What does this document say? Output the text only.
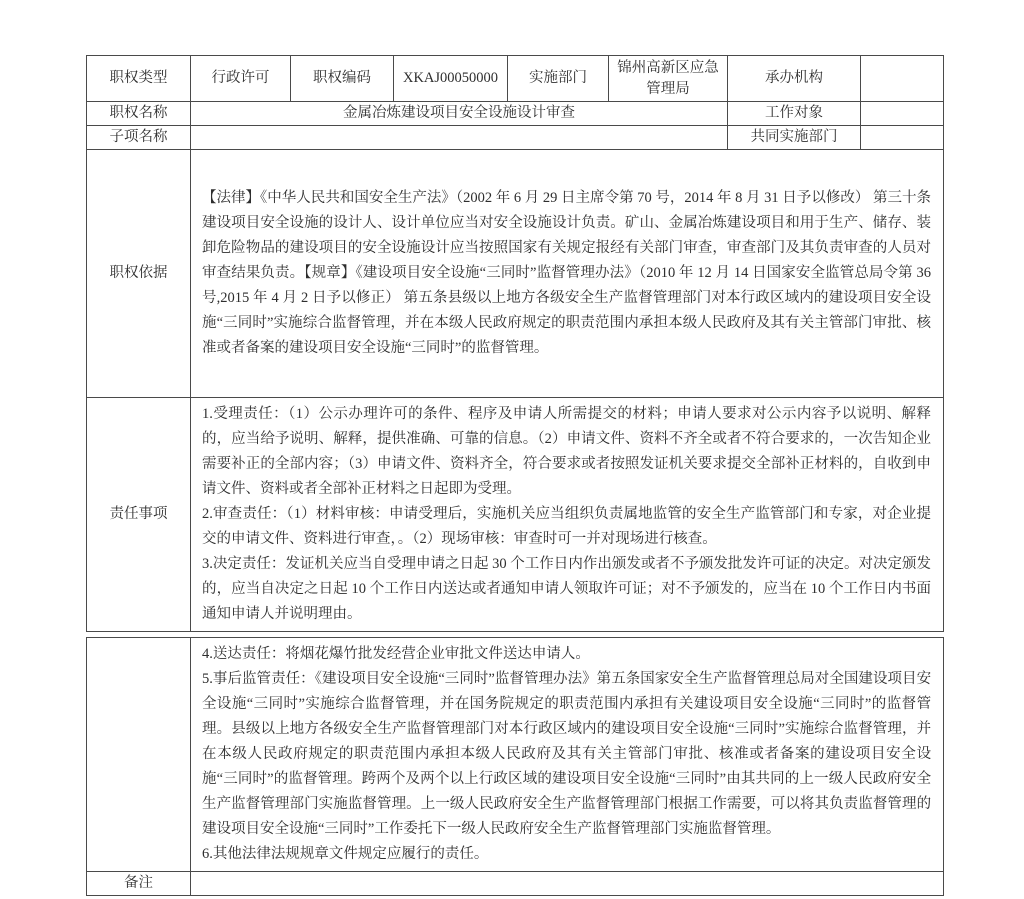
职权类型	行政许可	职权编码	XKAJ00050000	实施部门	锦州高新区应急管理局	承办机构	
职权名称	金属冶炼建设项目安全设施设计审查					工作对象	
子项名称						共同实施部门	
职权依据	【法律】《中华人民共和国安全生产法》（2002 年 6 月 29 日主席令第 70 号，2014 年 8 月 31 日予以修改） 第三十条建设项目安全设施的设计人、设计单位应当对安全设施设计负责。矿山、金属冶炼建设项目和用于生产、储存、装卸危险物品的建设项目的安全设施设计应当按照国家有关规定报经有关部门审查，审查部门及其负责审查的人员对审查结果负责。【规章】《建设项目安全设施“三同时”监督管理办法》（2010 年 12 月 14 日国家安全监管总局令第 36 号,2015 年 4 月 2 日予以修正） 第五条县级以上地方各级安全生产监督管理部门对本行政区域内的建设项目安全设施“三同时”实施综合监督管理，并在本级人民政府规定的职责范围内承担本级人民政府及其有关主管部门审批、核准或者备案的建设项目安全设施“三同时”的监督管理。						
责任事项	1.受理责任：（1）公示办理许可的条件、程序及申请人所需提交的材料；申请人要求对公示内容予以说明、解释的，应当给予说明、解释，提供准确、可靠的信息。（2）申请文件、资料不齐全或者不符合要求的，一次告知企业需要补正的全部内容；（3）申请文件、资料齐全，符合要求或者按照发证机关要求提交全部补正材料的，自收到申请文件、资料或者全部补正材料之日起即为受理。

2.审查责任：（1）材料审核：申请受理后，实施机关应当组织负责属地监管的安全生产监管部门和专家，对企业提交的申请文件、资料进行审查，。（2）现场审核：审查时可一并对现场进行核查。

3.决定责任：发证机关应当自受理申请之日起 30 个工作日内作出颁发或者不予颁发批发许可证的决定。对决定颁发的，应当自决定之日起 10 个工作日内送达或者通知申请人领取许可证；对不予颁发的，应当在 10 个工作日内书面通知申请人并说明理由。						

	4.送达责任：将烟花爆竹批发经营企业审批文件送达申请人。

5.事后监管责任：《建设项目安全设施“三同时”监督管理办法》第五条国家安全生产监督管理总局对全国建设项目安全设施“三同时”实施综合监督管理，并在国务院规定的职责范围内承担有关建设项目安全设施“三同时”的监督管理。县级以上地方各级安全生产监督管理部门对本行政区域内的建设项目安全设施“三同时”实施综合监督管理，并在本级人民政府规定的职责范围内承担本级人民政府及其有关主管部门审批、核准或者备案的建设项目安全设施“三同时”的监督管理。跨两个及两个以上行政区域的建设项目安全设施“三同时”由其共同的上一级人民政府安全生产监督管理部门实施监督管理。上一级人民政府安全生产监督管理部门根据工作需要，可以将其负责监督管理的建设项目安全设施“三同时”工作委托下一级人民政府安全生产监督管理部门实施监督管理。

6.其他法律法规规章文件规定应履行的责任。

备注	
